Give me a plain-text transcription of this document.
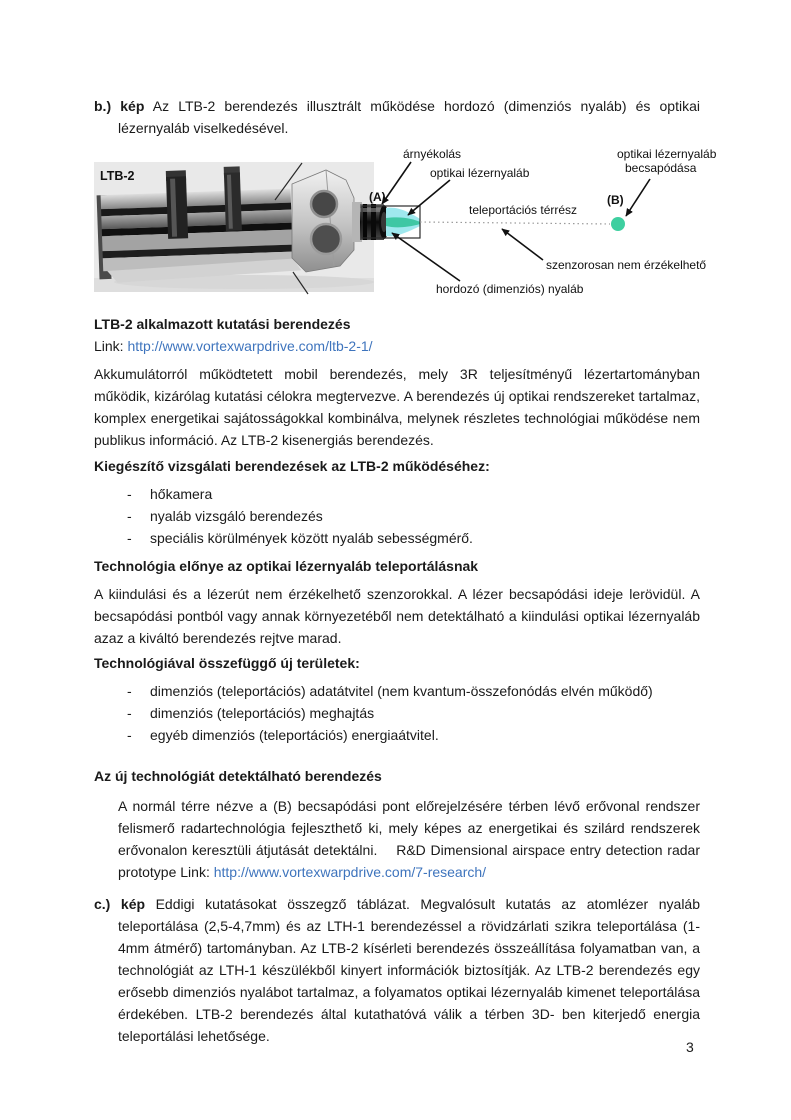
b.) kép Az LTB-2 berendezés illusztrált működése hordozó (dimenziós nyaláb) és optikai lézernyaláb viselkedésével.

LTB-2
árnyékolás
optikai lézernyaláb
optikai lézernyaláb
becsapódása
(A)	(B)
teleportációs térrész
szenzorosan nem érzékelhető
hordozó (dimenziós) nyaláb
LTB-2 alkalmazott kutatási berendezés

Link: http://www.vortexwarpdrive.com/ltb-2-1/

Akkumulátorról működtetett mobil berendezés, mely 3R teljesítményű lézertartományban működik, kizárólag kutatási célokra megtervezve. A berendezés új optikai rendszereket tartalmaz, komplex energetikai sajátosságokkal kombinálva, melynek részletes technológiai működése nem publikus információ. Az LTB-2 kisenergiás berendezés.

Kiegészítő vizsgálati berendezések az LTB-2 működéséhez:
-	hőkamera
-	nyaláb vizsgáló berendezés
-	speciális körülmények között nyaláb sebességmérő.
Technológia előnye az optikai lézernyaláb teleportálásnak

A kiindulási és a lézerút nem érzékelhető szenzorokkal. A lézer becsapódási ideje lerövidül. A becsapódási pontból vagy annak környezetéből nem detektálható a kiindulási optikai lézernyaláb azaz a kiváltó berendezés rejtve marad.

Technológiával összefüggő új területek:
-	dimenziós (teleportációs) adatátvitel (nem kvantum-összefonódás elvén működő)
-	dimenziós (teleportációs) meghajtás
-	egyéb dimenziós (teleportációs) energiaátvitel.
Az új technológiát detektálható berendezés

A normál térre nézve a (B) becsapódási pont előrejelzésére térben lévő erővonal rendszer felismerő radartechnológia fejleszthető ki, mely képes az energetikai és szilárd rendszerek erővonalon keresztüli átjutását detektálni.    R&D Dimensional airspace entry detection radar prototype Link: http://www.vortexwarpdrive.com/7-research/

c.) kép Eddigi kutatásokat összegző táblázat. Megvalósult kutatás az atomlézer nyaláb teleportálása (2,5-4,7mm) és az LTH-1 berendezéssel a rövidzárlati szikra teleportálása (1-4mm átmérő) tartományban. Az LTB-2 kísérleti berendezés összeállítása folyamatban van, a technológiát az LTH-1 készülékből kinyert információk biztosítják. Az LTB-2 berendezés egy erősebb dimenziós nyalábot tartalmaz, a folyamatos optikai lézernyaláb kimenet teleportálása érdekében. LTB-2 berendezés által kutathatóvá válik a térben 3D- ben kiterjedő energia teleportálási lehetősége.

3
